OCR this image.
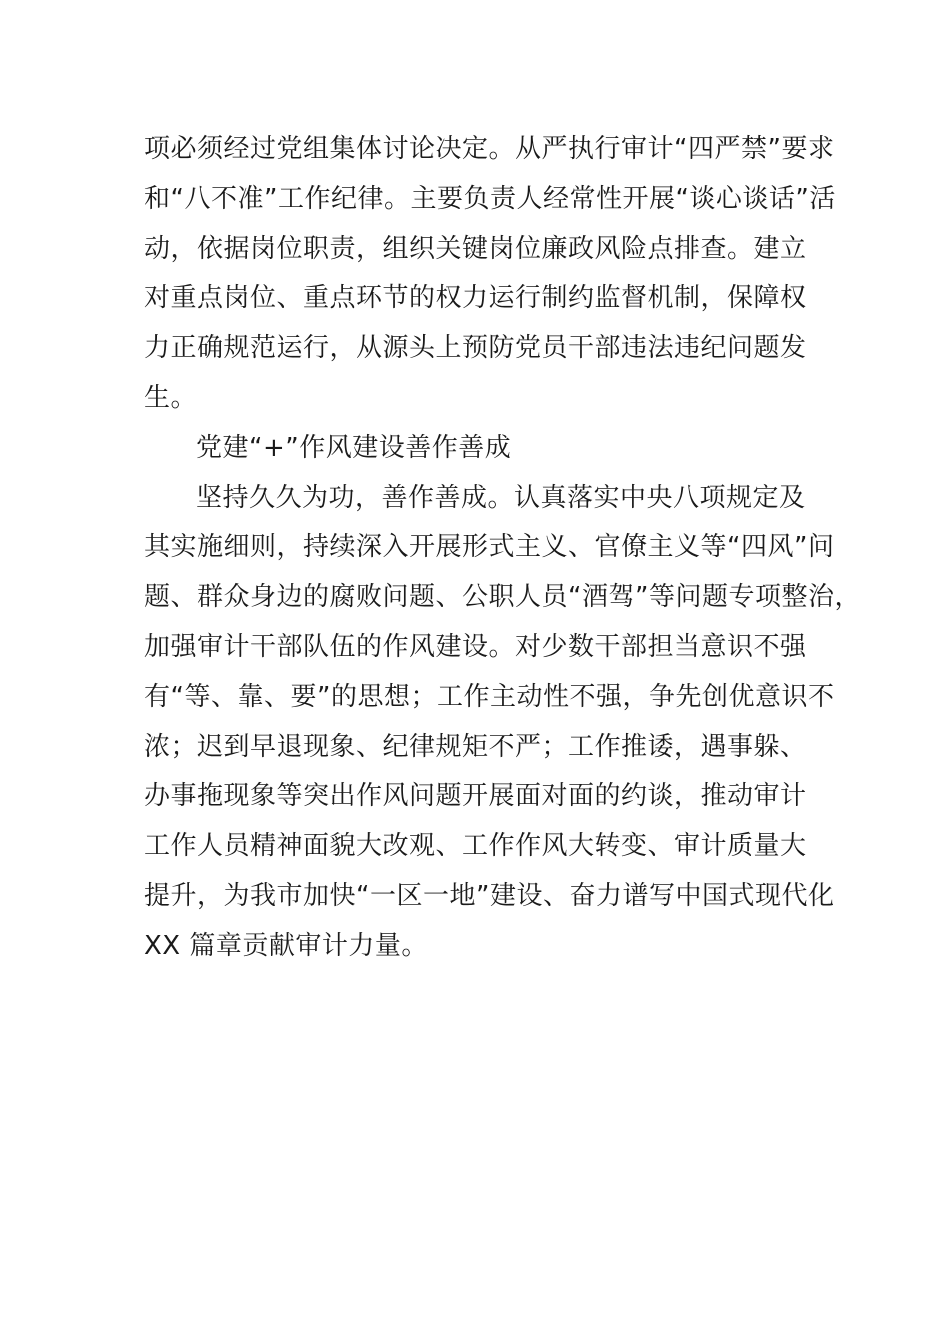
项必须经过党组集体讨论决定。从严执行审计“四严禁”要求
和“八不准”工作纪律。主要负责人经常性开展“谈心谈话”活
动，依据岗位职责，组织关键岗位廉政风险点排查。建立
对重点岗位、重点环节的权力运行制约监督机制，保障权
力正确规范运行，从源头上预防党员干部违法违纪问题发
生。

党建“+”作风建设善作善成

坚持久久为功，善作善成。认真落实中央八项规定及
其实施细则，持续深入开展形式主义、官僚主义等“四风”问
题、群众身边的腐败问题、公职人员“酒驾”等问题专项整治，
加强审计干部队伍的作风建设。对少数干部担当意识不强
有“等、靠、要”的思想；工作主动性不强，争先创优意识不
浓；迟到早退现象、纪律规矩不严；工作推诿，遇事躲、
办事拖现象等突出作风问题开展面对面的约谈，推动审计
工作人员精神面貌大改观、工作作风大转变、审计质量大
提升，为我市加快“一区一地”建设、奋力谱写中国式现代化
XX 篇章贡献审计力量。
